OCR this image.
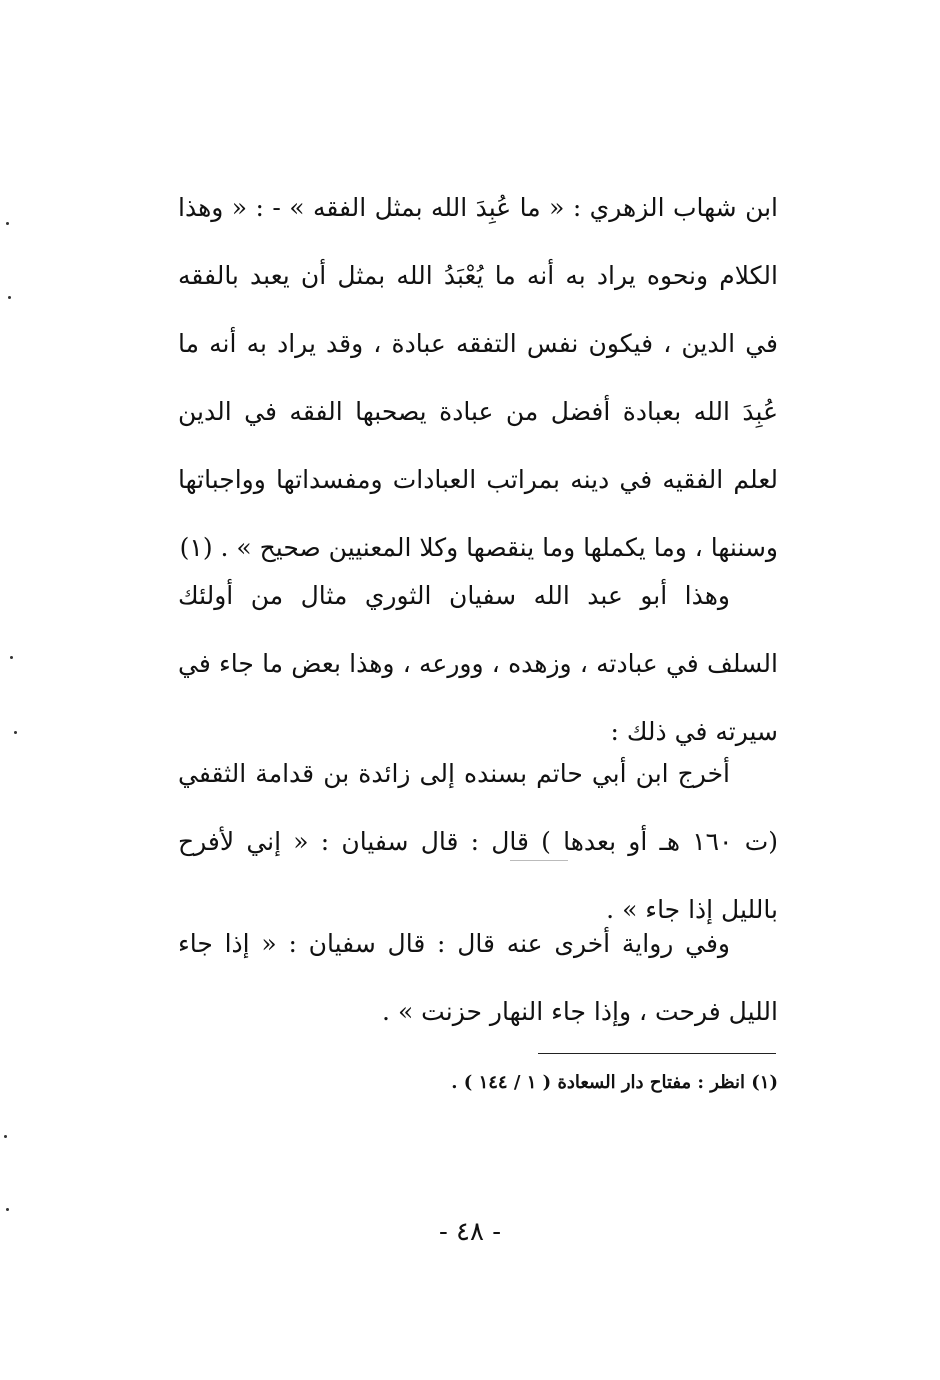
ابن شهاب الزهري : « ما عُبِدَ الله بمثل الفقه » - : « وهذا الكلام ونحوه يراد به أنه ما يُعْبَدُ الله بمثل أن يعبد بالفقه في الدين ، فيكون نفس التفقه عبادة ، وقد يراد به أنه ما عُبِدَ الله بعبادة أفضل من عبادة يصحبها الفقه في الدين لعلم الفقيه في دينه بمراتب العبادات ومفسداتها وواجباتها وسننها ، وما يكملها وما ينقصها وكلا المعنيين صحيح » . (١)

وهذا أبو عبد الله سفيان الثوري مثال من أولئك السلف في عبادته ، وزهده ، وورعه ، وهذا بعض ما جاء في سيرته في ذلك :

أخرج ابن أبي حاتم بسنده إلى زائدة بن قدامة الثقفي (ت ١٦٠ هـ أو بعدها ) قال : قال سفيان : « إني لأفرح بالليل إذا جاء » .

وفي رواية أخرى عنه قال : قال سفيان : « إذا جاء الليل فرحت ، وإذا جاء النهار حزنت » .

(١) انظر : مفتاح دار السعادة ( ١ / ١٤٤ ) .
- ٤٨ -
